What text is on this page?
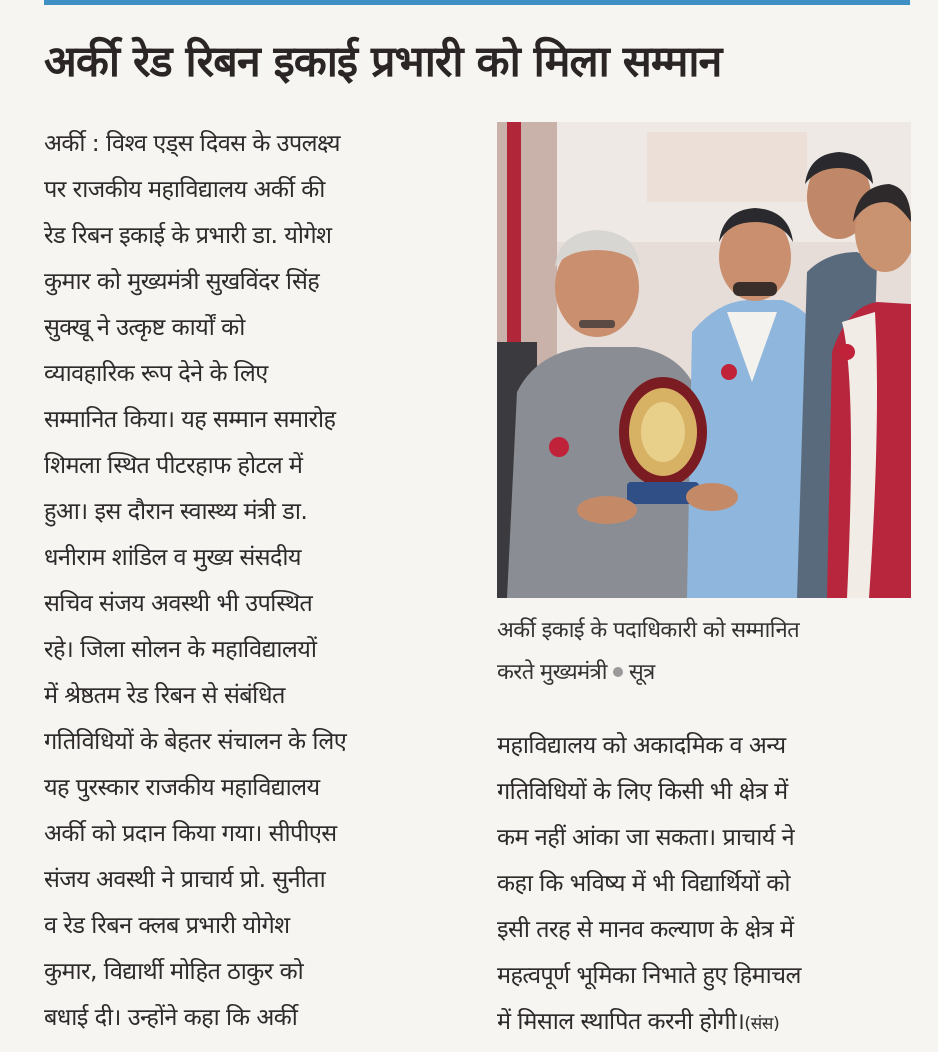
अर्की रेड रिबन इकाई प्रभारी को मिला सम्मान
अर्की : विश्व एड्स दिवस के उपलक्ष्य
पर राजकीय महाविद्यालय अर्की की
रेड रिबन इकाई के प्रभारी डा. योगेश
कुमार को मुख्यमंत्री सुखविंदर सिंह
सुक्खू ने उत्कृष्ट कार्यों को
व्यावहारिक रूप देने के लिए
सम्मानित किया। यह सम्मान समारोह
शिमला स्थित पीटरहाफ होटल में
हुआ। इस दौरान स्वास्थ्य मंत्री डा.
धनीराम शांडिल व मुख्य संसदीय
सचिव संजय अवस्थी भी उपस्थित
रहे। जिला सोलन के महाविद्यालयों
में श्रेष्ठतम रेड रिबन से संबंधित
गतिविधियों के बेहतर संचालन के लिए
यह पुरस्कार राजकीय महाविद्यालय
अर्की को प्रदान किया गया। सीपीएस
संजय अवस्थी ने प्राचार्य प्रो. सुनीता
व रेड रिबन क्लब प्रभारी योगेश
कुमार, विद्यार्थी मोहित ठाकुर को
बधाई दी। उन्होंने कहा कि अर्की
अर्की इकाई के पदाधिकारी को सम्मानित
करते मुख्यमंत्री सूत्र
महाविद्यालय को अकादमिक व अन्य
गतिविधियों के लिए किसी भी क्षेत्र में
कम नहीं आंका जा सकता। प्राचार्य ने
कहा कि भविष्य में भी विद्यार्थियों को
इसी तरह से मानव कल्याण के क्षेत्र में
महत्वपूर्ण भूमिका निभाते हुए हिमाचल
में मिसाल स्थापित करनी होगी।(संस)
